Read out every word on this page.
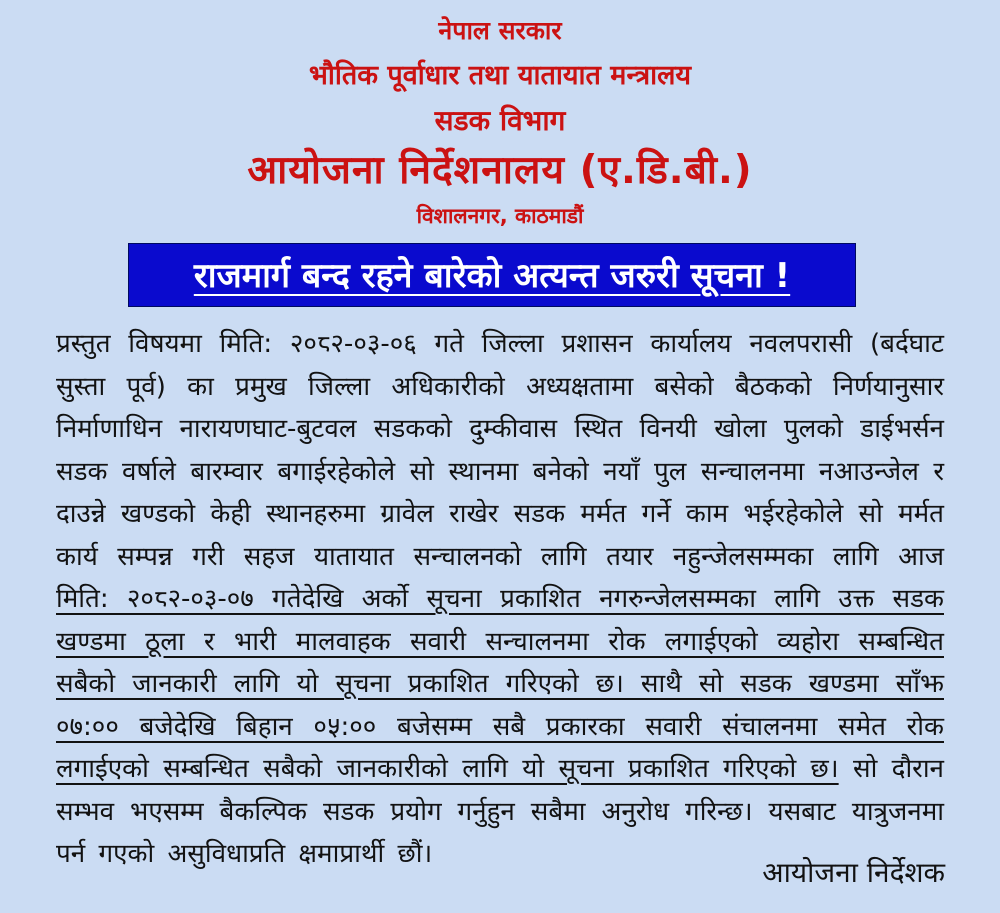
नेपाल सरकार
भौतिक पूर्वाधार तथा यातायात मन्त्रालय
सडक विभाग
आयोजना निर्देशनालय (ए.डि.बी.)
विशालनगर, काठमाडौं
राजमार्ग बन्द रहने बारेको अत्यन्त जरुरी सूचना !

प्रस्तुत विषयमा मिति: २०८२-०३-०६ गते जिल्ला प्रशासन कार्यालय नवलपरासी (बर्दघाट सुस्ता पूर्व) का प्रमुख जिल्ला अधिकारीको अध्यक्षतामा बसेको बैठकको निर्णयानुसार निर्माणाधिन नारायणघाट-बुटवल सडकको दुम्कीवास स्थित विनयी खोला पुलको डाईभर्सन सडक वर्षाले बारम्वार बगाईरहेकोले सो स्थानमा बनेको नयाँ पुल सन्चालनमा नआउन्जेल र दाउन्ने खण्डको केही स्थानहरुमा ग्रावेल राखेर सडक मर्मत गर्ने काम भईरहेकोले सो मर्मत कार्य सम्पन्न गरी सहज यातायात सन्चालनको लागि तयार नहुन्जेलसम्मका लागि आज मिति: २०८२-०३-०७ गतेदेखि अर्को सूचना प्रकाशित नगरुन्जेलसम्मका लागि उक्त सडक खण्डमा ठूला र भारी मालवाहक सवारी सन्चालनमा रोक लगाईएको व्यहोरा सम्बन्धित सबैको जानकारी लागि यो सूचना प्रकाशित गरिएको छ। साथै सो सडक खण्डमा साँझ ०७:०० बजेदेखि बिहान ०५:०० बजेसम्म सबै प्रकारका सवारी संचालनमा समेत रोक लगाईएको सम्बन्धित सबैको जानकारीको लागि यो सूचना प्रकाशित गरिएको छ। सो दौरान सम्भव भएसम्म बैकल्पिक सडक प्रयोग गर्नुहुन सबैमा अनुरोध गरिन्छ। यसबाट यात्रुजनमा पर्न गएको असुविधाप्रति क्षमाप्रार्थी छौं।

आयोजना निर्देशक
